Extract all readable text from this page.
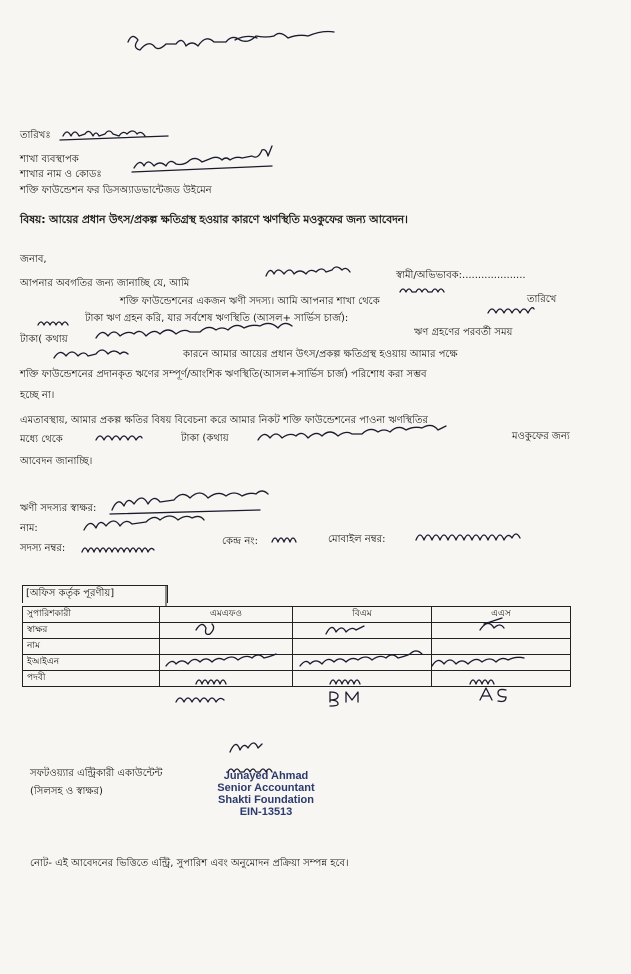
তারিখঃ
শাখা ব্যবস্থাপক
শাখার নাম ও কোডঃ
শক্তি ফাউন্ডেশন ফর ডিসঅ্যাডভান্টেজড উইমেন
বিষয়: আয়ের প্রধান উৎস/প্রকল্প ক্ষতিগ্রস্থ হওয়ার কারণে ঋণস্থিতি মওকুফের জন্য আবেদন।
জনাব,
আপনার অবগতির জন্য জানাচ্ছি যে, আমি
স্বামী/অভিভাবক:....................
শক্তি ফাউন্ডেশনের একজন ঋণী সদস্য। আমি আপনার শাখা থেকে	তারিখে
টাকা ঋণ গ্রহন করি, যার সর্বশেষ ঋণস্থিতি (আসল+ সার্ভিস চার্জ):
টাকা( কথায়
ঋণ গ্রহণের পরবর্তী সময়
কারনে আমার আয়ের প্রধান উৎস/প্রকল্প ক্ষতিগ্রস্থ হওয়ায় আমার পক্ষে
শক্তি ফাউন্ডেশনের প্রদানকৃত ঋণের সম্পূর্ণ/আংশিক ঋণস্থিতি(আসল+সার্ভিস চার্জ) পরিশোধ করা সম্ভব
হচ্ছে না।
এমতাবস্থায়, আমার প্রকল্প ক্ষতির বিষয় বিবেচনা করে আমার নিকট শক্তি ফাউন্ডেশনের পাওনা ঋণস্থিতির
মধ্যে থেকে	টাকা (কথায়	মওকুফের জন্য
আবেদন জানাচ্ছি।
ঋণী সদস্যর স্বাক্ষর:
নাম:
সদস্য নম্বর:
কেন্দ্র নং:	মোবাইল নম্বর:
[অফিস কর্তৃক পূরণীয়]
সুপারিশকারী	এমএফও	বিএম	এএস
স্বাক্ষর			
নাম			
ইআইএন			
পদবী			
সফটওয়্যার এন্ট্রিকারী একাউন্টেন্ট
(সিলসহ ও স্বাক্ষর)
Junayed Ahmad
Senior Accountant
Shakti Foundation
EIN-13513
নোট- এই আবেদনের ভিত্তিতে এন্ট্রি, সুপারিশ এবং অনুমোদন প্রক্রিয়া সম্পন্ন হবে।
